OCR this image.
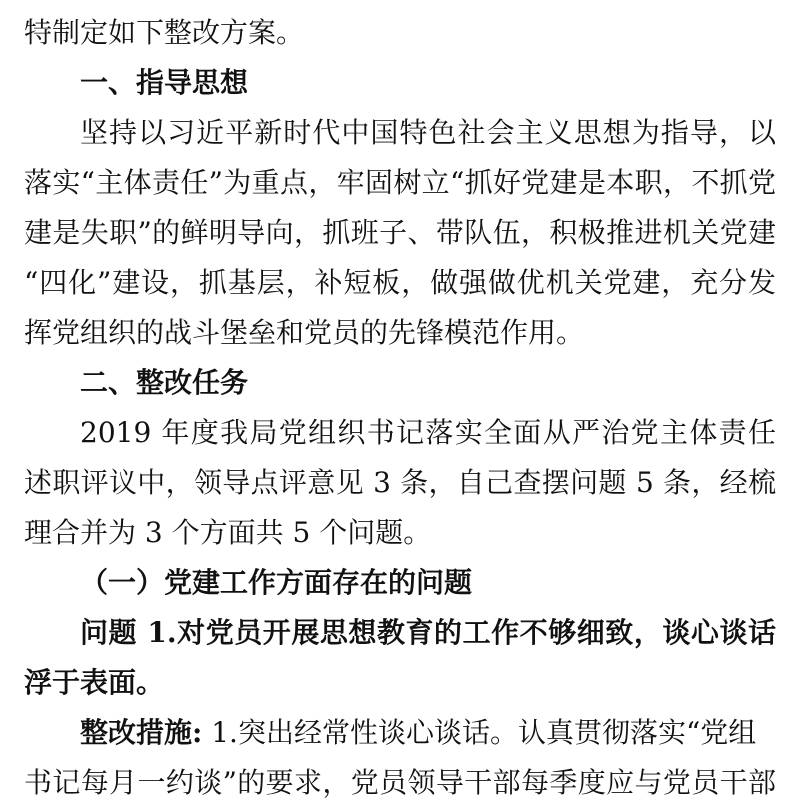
特制定如下整改方案。
一、指导思想
坚持以习近平新时代中国特色社会主义思想为指导，以
落实“主体责任”为重点，牢固树立“抓好党建是本职，不抓党
建是失职”的鲜明导向，抓班子、带队伍，积极推进机关党建
“四化”建设，抓基层，补短板，做强做优机关党建，充分发
挥党组织的战斗堡垒和党员的先锋模范作用。
二、整改任务
2019 年度我局党组织书记落实全面从严治党主体责任
述职评议中，领导点评意见 3 条，自己查摆问题 5 条，经梳
理合并为 3 个方面共 5 个问题。
（一）党建工作方面存在的问题
问题 1.对党员开展思想教育的工作不够细致，谈心谈话
浮于表面。
整改措施: 1.突出经常性谈心谈话。认真贯彻落实“党组
书记每月一约谈”的要求，党员领导干部每季度应与党员干部
